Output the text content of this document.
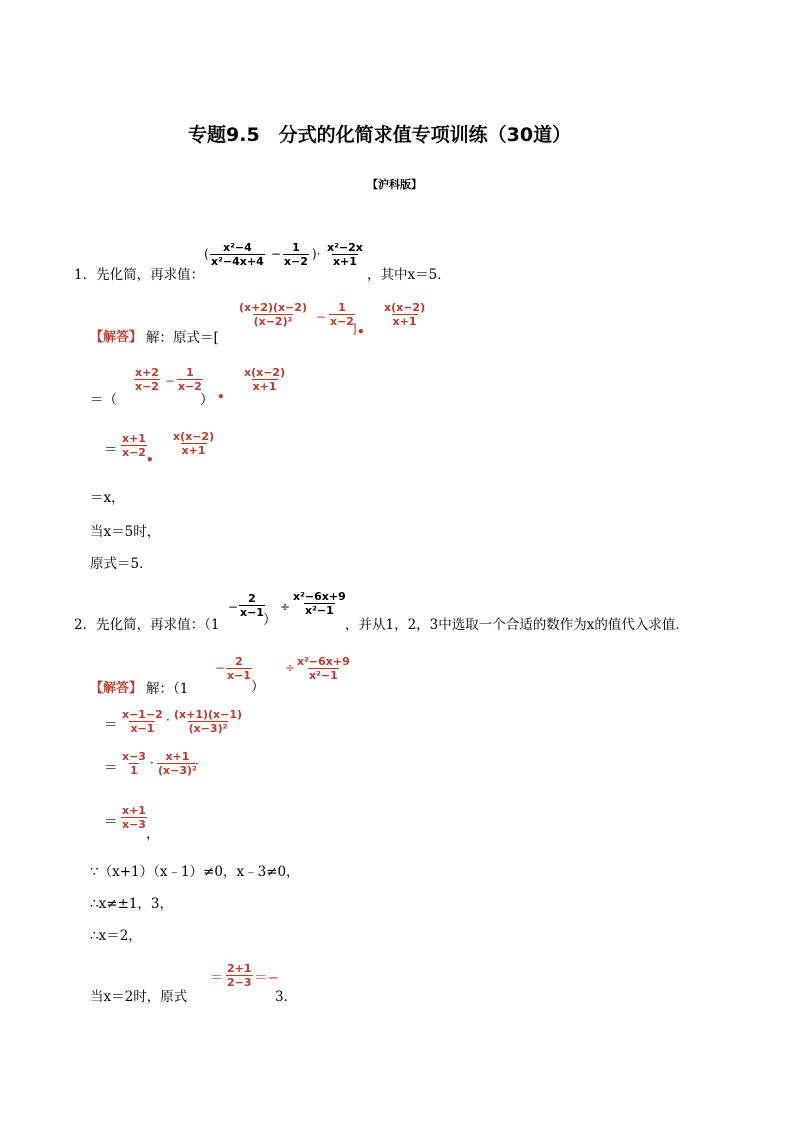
专题9.5　分式的化简求值专项训练（30道）
【沪科版】
1．先化简，再求值：
( $\frac{\text{x²−4}}{\text{x²−4x+4}} - \frac{1}{x-2}$ )· $\frac{\text{x²−2x}}{x+1}$
，其中x＝5．
【解答】 解：原式＝[
$\frac{(x+2)(x-2)}{\text{(x−2)²}} - \frac{1}{x-2}$
] •
$\frac{x(x-2)}{x+1}$
＝（
$\frac{x+2}{x-2} - \frac{1}{x-2}$
） •
$\frac{x(x-2)}{x+1}$
＝ $\frac{x+1}{x-2}$
•
$\frac{x(x-2)}{x+1}$
＝x，
当x＝5时，
原式＝5．
2．先化简，再求值：（1
− $\frac{2}{x-1}$
）
÷ $\frac{\text{x²−6x+9}}{\text{x²−1}}$
，并从1，2，3中选取一个合适的数作为x的值代入求值．
【解答】 解：（1
− $\frac{2}{x-1}$
）
÷ $\frac{\text{x²−6x+9}}{\text{x²−1}}$
＝ $\frac{x-1-2}{x-1} \cdot \frac{(x+1)(x-1)}{\text{(x−3)²}}$
＝ $\frac{x-3}{1} \cdot \frac{x+1}{\text{(x−3)²}}$
＝ $\frac{x+1}{x-3}$
，
∵（x+1）（x﹣1）≠0，x﹣3≠0，
∴x≠±1，3，
∴x＝2，
当x＝2时，原式
＝ $\frac{2+1}{2-3}$ ＝−
3．
